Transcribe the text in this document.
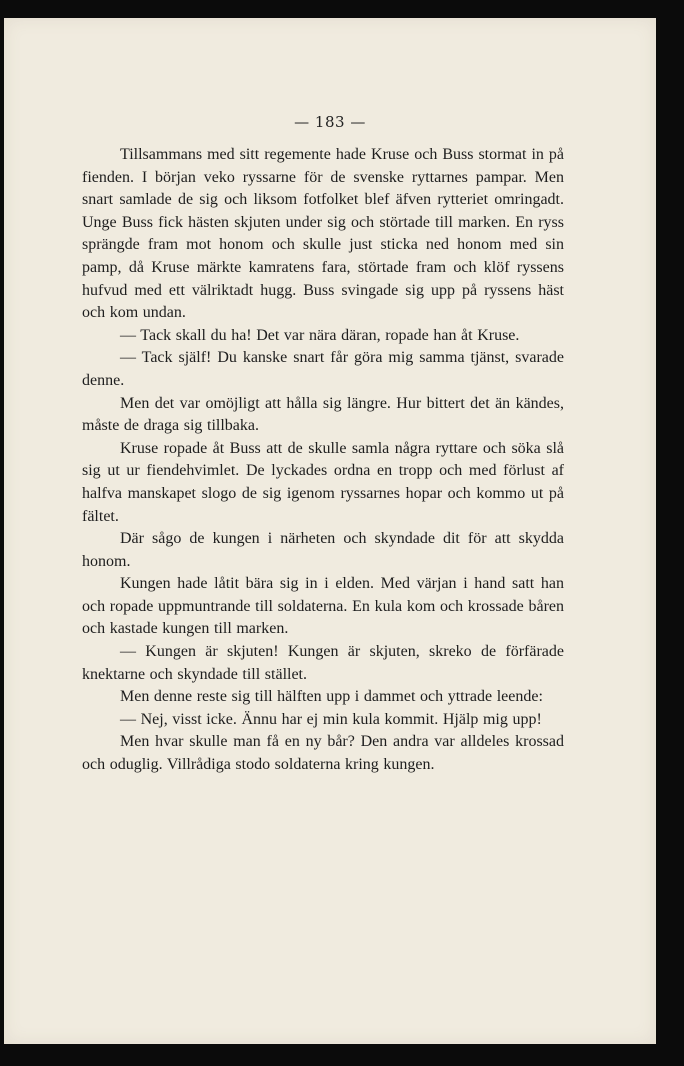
— 183 —

Tillsammans med sitt regemente hade Kruse och Buss stormat in på fienden. I början veko ryssarne för de svenske ryttarnes pampar. Men snart samlade de sig och liksom fotfolket blef äfven rytteriet omringadt. Unge Buss fick hästen skjuten under sig och störtade till marken. En ryss sprängde fram mot honom och skulle just sticka ned honom med sin pamp, då Kruse märkte kamratens fara, störtade fram och klöf ryssens hufvud med ett välriktadt hugg. Buss svingade sig upp på ryssens häst och kom undan.

— Tack skall du ha! Det var nära däran, ropade han åt Kruse.

— Tack själf! Du kanske snart får göra mig samma tjänst, svarade denne.

Men det var omöjligt att hålla sig längre. Hur bittert det än kändes, måste de draga sig tillbaka.

Kruse ropade åt Buss att de skulle samla några ryttare och söka slå sig ut ur fiendehvimlet. De lyckades ordna en tropp och med förlust af halfva manskapet slogo de sig igenom ryssarnes hopar och kommo ut på fältet.

Där sågo de kungen i närheten och skyndade dit för att skydda honom.

Kungen hade låtit bära sig in i elden. Med värjan i hand satt han och ropade uppmuntrande till soldaterna. En kula kom och krossade båren och kastade kungen till marken.

— Kungen är skjuten! Kungen är skjuten, skreko de förfärade knektarne och skyndade till stället.

Men denne reste sig till hälften upp i dammet och yttrade leende:

— Nej, visst icke. Ännu har ej min kula kommit. Hjälp mig upp!

Men hvar skulle man få en ny bår? Den andra var alldeles krossad och oduglig. Villrådiga stodo soldaterna kring kungen.
